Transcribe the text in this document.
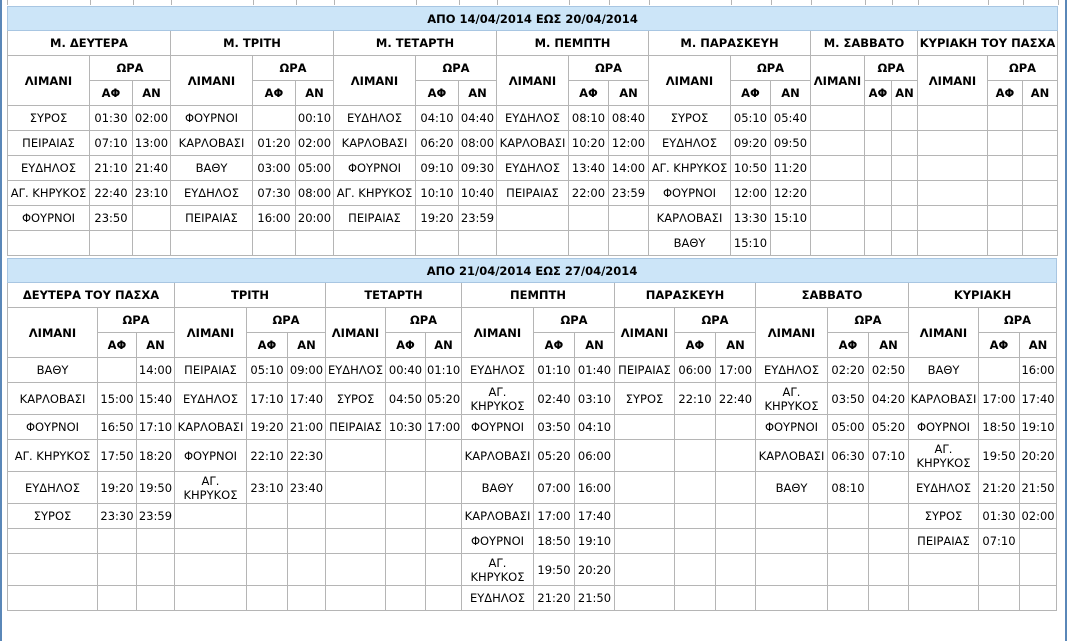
ΑΠΟ 14/04/2014 ΕΩΣ 20/04/2014																				
Μ. ΔΕΥΤΕΡΑ			Μ. ΤΡΙΤΗ			Μ. ΤΕΤΑΡΤΗ			Μ. ΠΕΜΠΤΗ			Μ. ΠΑΡΑΣΚΕΥΗ			Μ. ΣΑΒΒΑΤΟ			ΚΥΡΙΑΚΗ ΤΟΥ ΠΑΣΧΑ		
ΛΙΜΑΝΙ	ΩΡΑ		ΛΙΜΑΝΙ	ΩΡΑ		ΛΙΜΑΝΙ	ΩΡΑ		ΛΙΜΑΝΙ	ΩΡΑ		ΛΙΜΑΝΙ	ΩΡΑ		ΛΙΜΑΝΙ	ΩΡΑ		ΛΙΜΑΝΙ	ΩΡΑ	
	ΑΦ	ΑΝ		ΑΦ	ΑΝ		ΑΦ	ΑΝ		ΑΦ	ΑΝ		ΑΦ	ΑΝ		ΑΦ	ΑΝ		ΑΦ	ΑΝ
ΣΥΡΟΣ	01:30	02:00	ΦΟΥΡΝΟΙ		00:10	ΕΥΔΗΛΟΣ	04:10	04:40	ΕΥΔΗΛΟΣ	08:10	08:40	ΣΥΡΟΣ	05:10	05:40						
ΠΕΙΡΑΙΑΣ	07:10	13:00	ΚΑΡΛΟΒΑΣΙ	01:20	02:00	ΚΑΡΛΟΒΑΣΙ	06:20	08:00	ΚΑΡΛΟΒΑΣΙ	10:20	12:00	ΕΥΔΗΛΟΣ	09:20	09:50						
ΕΥΔΗΛΟΣ	21:10	21:40	ΒΑΘΥ	03:00	05:00	ΦΟΥΡΝΟΙ	09:10	09:30	ΕΥΔΗΛΟΣ	13:40	14:00	ΑΓ. ΚΗΡΥΚΟΣ	10:50	11:20						
ΑΓ. ΚΗΡΥΚΟΣ	22:40	23:10	ΕΥΔΗΛΟΣ	07:30	08:00	ΑΓ. ΚΗΡΥΚΟΣ	10:10	10:40	ΠΕΙΡΑΙΑΣ	22:00	23:59	ΦΟΥΡΝΟΙ	12:00	12:20						
ΦΟΥΡΝΟΙ	23:50		ΠΕΙΡΑΙΑΣ	16:00	20:00	ΠΕΙΡΑΙΑΣ	19:20	23:59				ΚΑΡΛΟΒΑΣΙ	13:30	15:10						
												ΒΑΘΥ	15:10							
ΑΠΟ 21/04/2014 ΕΩΣ 27/04/2014																				
ΔΕΥΤΕΡΑ ΤΟΥ ΠΑΣΧΑ			ΤΡΙΤΗ			ΤΕΤΑΡΤΗ			ΠΕΜΠΤΗ			ΠΑΡΑΣΚΕΥΗ			ΣΑΒΒΑΤΟ			ΚΥΡΙΑΚΗ		
ΛΙΜΑΝΙ	ΩΡΑ		ΛΙΜΑΝΙ	ΩΡΑ		ΛΙΜΑΝΙ	ΩΡΑ		ΛΙΜΑΝΙ	ΩΡΑ		ΛΙΜΑΝΙ	ΩΡΑ		ΛΙΜΑΝΙ	ΩΡΑ		ΛΙΜΑΝΙ	ΩΡΑ	
	ΑΦ	ΑΝ		ΑΦ	ΑΝ		ΑΦ	ΑΝ		ΑΦ	ΑΝ		ΑΦ	ΑΝ		ΑΦ	ΑΝ		ΑΦ	ΑΝ
ΒΑΘΥ		14:00	ΠΕΙΡΑΙΑΣ	05:10	09:00	ΕΥΔΗΛΟΣ	00:40	01:10	ΕΥΔΗΛΟΣ	01:10	01:40	ΠΕΙΡΑΙΑΣ	06:00	17:00	ΕΥΔΗΛΟΣ	02:20	02:50	ΒΑΘΥ		16:00
ΚΑΡΛΟΒΑΣΙ	15:00	15:40	ΕΥΔΗΛΟΣ	17:10	17:40	ΣΥΡΟΣ	04:50	05:20	ΑΓ. ΚΗΡΥΚΟΣ	02:40	03:10	ΣΥΡΟΣ	22:10	22:40	ΑΓ. ΚΗΡΥΚΟΣ	03:50	04:20	ΚΑΡΛΟΒΑΣΙ	17:00	17:40
ΦΟΥΡΝΟΙ	16:50	17:10	ΚΑΡΛΟΒΑΣΙ	19:20	21:00	ΠΕΙΡΑΙΑΣ	10:30	17:00	ΦΟΥΡΝΟΙ	03:50	04:10				ΦΟΥΡΝΟΙ	05:00	05:20	ΦΟΥΡΝΟΙ	18:50	19:10
ΑΓ. ΚΗΡΥΚΟΣ	17:50	18:20	ΦΟΥΡΝΟΙ	22:10	22:30				ΚΑΡΛΟΒΑΣΙ	05:20	06:00				ΚΑΡΛΟΒΑΣΙ	06:30	07:10	ΑΓ. ΚΗΡΥΚΟΣ	19:50	20:20
ΕΥΔΗΛΟΣ	19:20	19:50	ΑΓ. ΚΗΡΥΚΟΣ	23:10	23:40				ΒΑΘΥ	07:00	16:00				ΒΑΘΥ	08:10		ΕΥΔΗΛΟΣ	21:20	21:50
ΣΥΡΟΣ	23:30	23:59							ΚΑΡΛΟΒΑΣΙ	17:00	17:40							ΣΥΡΟΣ	01:30	02:00
									ΦΟΥΡΝΟΙ	18:50	19:10							ΠΕΙΡΑΙΑΣ	07:10	
									ΑΓ. ΚΗΡΥΚΟΣ	19:50	20:20									
									ΕΥΔΗΛΟΣ	21:20	21:50									
